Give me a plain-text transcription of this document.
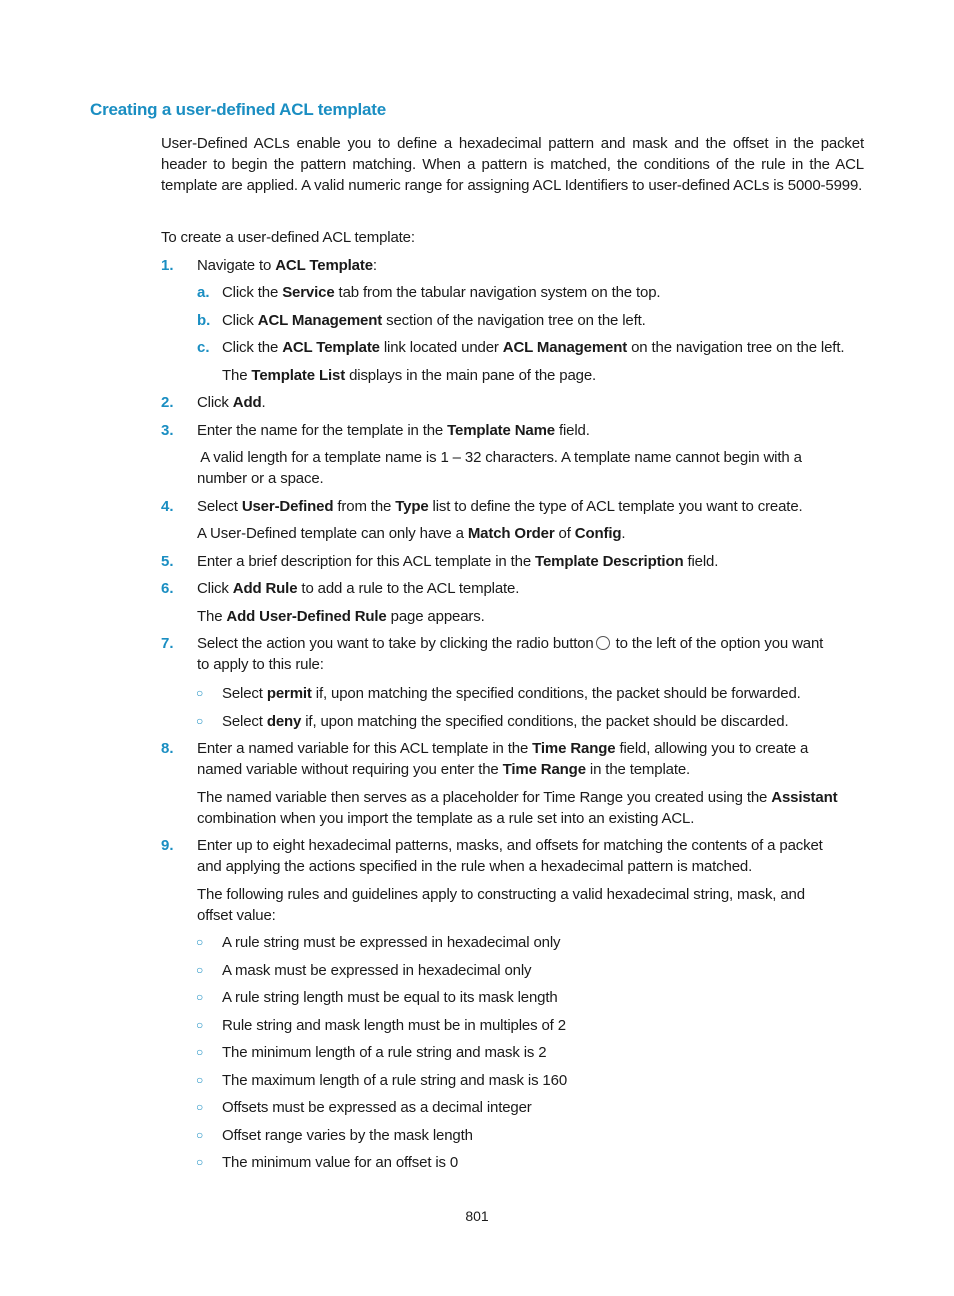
Creating a user-defined ACL template
User-Defined ACLs enable you to define a hexadecimal pattern and mask and the offset in the packet header to begin the pattern matching. When a pattern is matched, the conditions of the rule in the ACL template are applied. A valid numeric range for assigning ACL Identifiers to user-defined ACLs is 5000-5999.
To create a user-defined ACL template:
1. Navigate to ACL Template:
a. Click the Service tab from the tabular navigation system on the top.
b. Click ACL Management section of the navigation tree on the left.
c. Click the ACL Template link located under ACL Management on the navigation tree on the left.
The Template List displays in the main pane of the page.
2. Click Add.
3. Enter the name for the template in the Template Name field.
A valid length for a template name is 1 – 32 characters. A template name cannot begin with a
number or a space.
4. Select User-Defined from the Type list to define the type of ACL template you want to create.
A User-Defined template can only have a Match Order of Config.
5. Enter a brief description for this ACL template in the Template Description field.
6. Click Add Rule to add a rule to the ACL template.
The Add User-Defined Rule page appears.
7. Select the action you want to take by clicking the radio button to the left of the option you want
to apply to this rule:
○ Select permit if, upon matching the specified conditions, the packet should be forwarded.
○ Select deny if, upon matching the specified conditions, the packet should be discarded.
8. Enter a named variable for this ACL template in the Time Range field, allowing you to create a
named variable without requiring you enter the Time Range in the template.
The named variable then serves as a placeholder for Time Range you created using the Assistant
combination when you import the template as a rule set into an existing ACL.
9. Enter up to eight hexadecimal patterns, masks, and offsets for matching the contents of a packet
and applying the actions specified in the rule when a hexadecimal pattern is matched.
The following rules and guidelines apply to constructing a valid hexadecimal string, mask, and
offset value:
○ A rule string must be expressed in hexadecimal only
○ A mask must be expressed in hexadecimal only
○ A rule string length must be equal to its mask length
○ Rule string and mask length must be in multiples of 2
○ The minimum length of a rule string and mask is 2
○ The maximum length of a rule string and mask is 160
○ Offsets must be expressed as a decimal integer
○ Offset range varies by the mask length
○ The minimum value for an offset is 0
801
